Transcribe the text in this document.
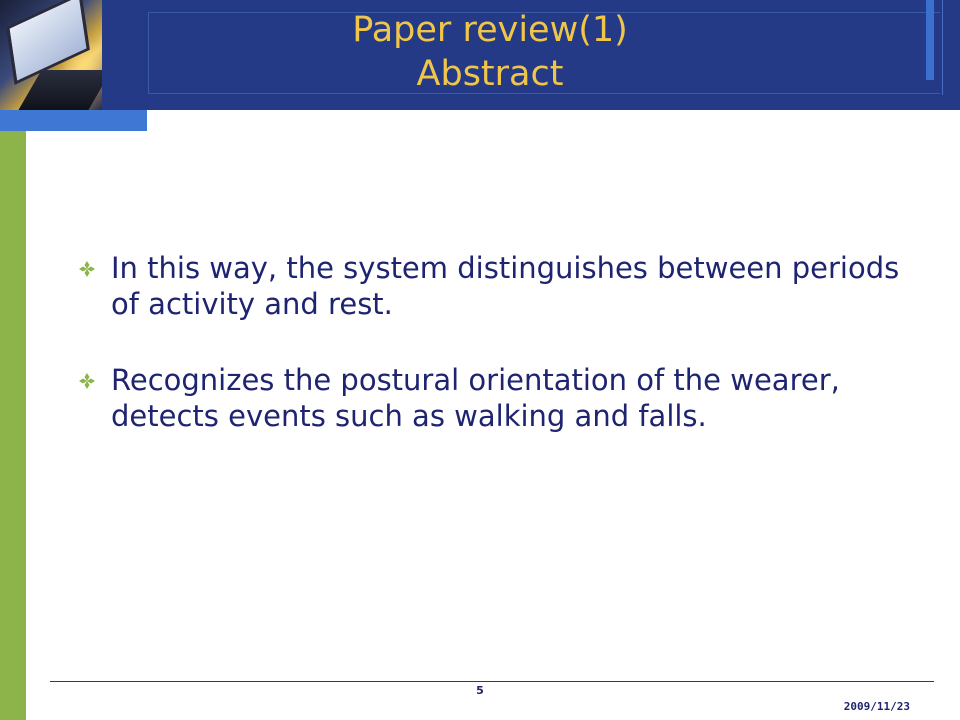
Paper review(1)
Abstract
In this way, the system distinguishes between periods of activity and rest.
Recognizes the postural orientation of the wearer, detects events such as walking and falls.
5
2009/11/23
